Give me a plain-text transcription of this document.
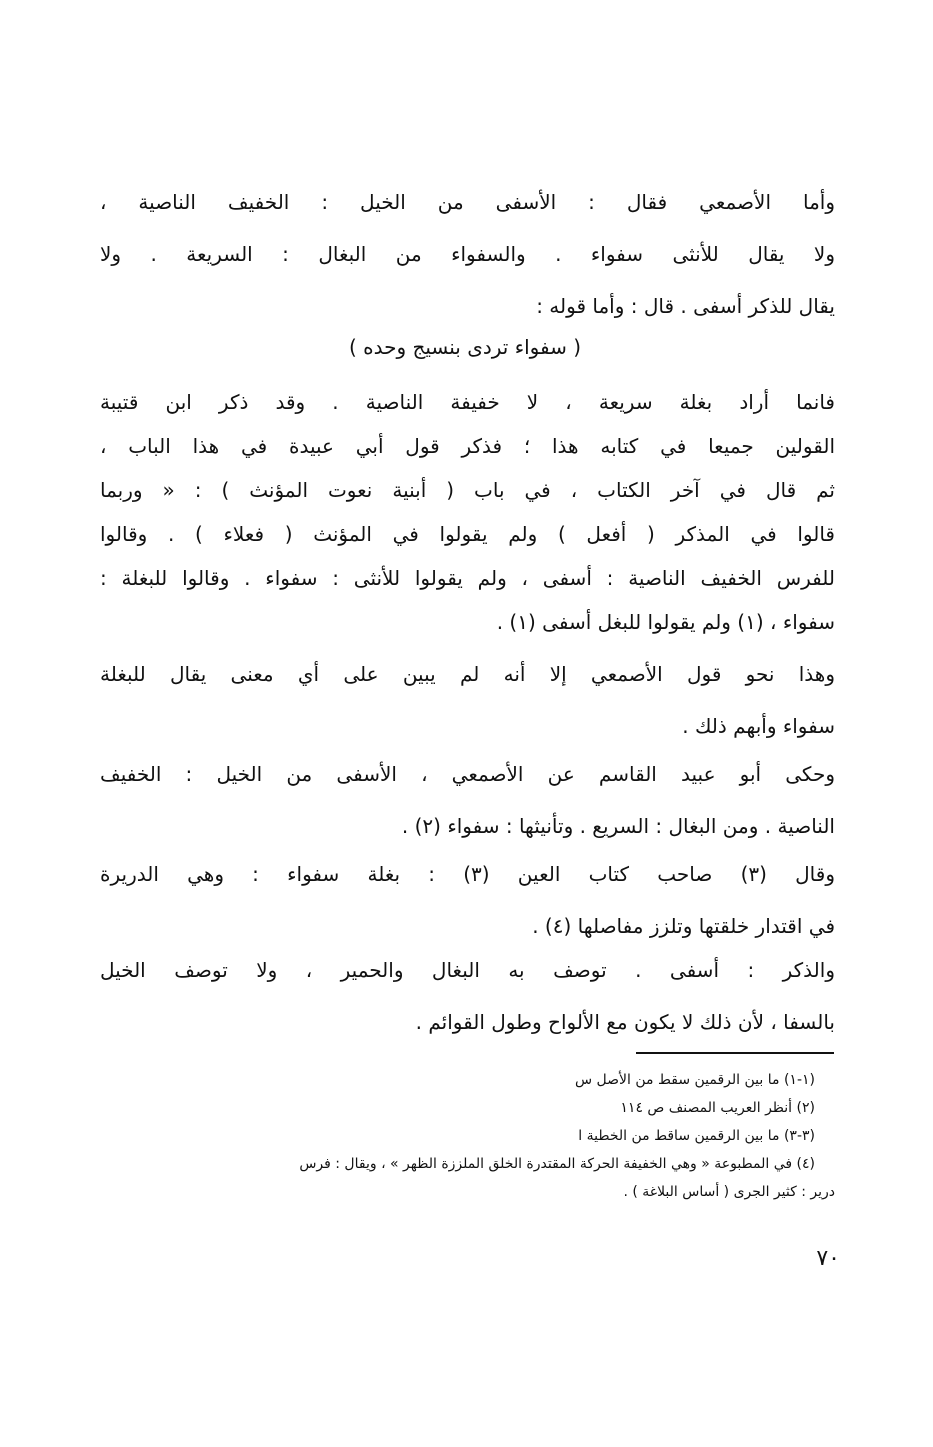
وأما الأصمعي فقال : الأسفى من الخيل : الخفيف الناصية ،
ولا يقال للأنثى سفواء . والسفواء من البغال : السريعة . ولا
يقال للذكر أسفى . قال : وأما قوله :
( سفواء تردى بنسيج وحده )
فانما أراد بغلة سريعة ، لا خفيفة الناصية . وقد ذكر ابن قتيبة
القولين جميعا في كتابه هذا ؛ فذكر قول أبي عبيدة في هذا الباب ،
ثم قال في آخر الكتاب ، في باب ( أبنية نعوت المؤنث ) : « وربما
قالوا في المذكر ( أفعل ) ولم يقولوا في المؤنث ( فعلاء ) . وقالوا
للفرس الخفيف الناصية : أسفى ، ولم يقولوا للأنثى : سفواء . وقالوا للبغلة :
سفواء ، (١) ولم يقولوا للبغل أسفى (١) .
وهذا نحو قول الأصمعي إلا أنه لم يبين على أي معنى يقال للبغلة
سفواء وأبهم ذلك .
وحكى أبو عبيد القاسم عن الأصمعي ، الأسفى من الخيل : الخفيف
الناصية . ومن البغال : السريع . وتأنيثها : سفواء (٢) .
وقال (٣) صاحب كتاب العين (٣) : بغلة سفواء : وهي الدريرة
في اقتدار خلقتها وتلزز مفاصلها (٤) .
والذكر : أسفى . توصف به البغال والحمير ، ولا توصف الخيل
بالسفا ، لأن ذلك لا يكون مع الألواح وطول القوائم .
(١-١) ما بين الرقمين سقط من الأصل س
(٢) أنظر العريب المصنف ص ١١٤
(٣-٣) ما بين الرقمين ساقط من الخطية ا
(٤) في المطبوعة « وهي الخفيفة الحركة المقتدرة الخلق الملززة الظهر » ، ويقال : فرس
درير : كثير الجرى ( أساس البلاغة ) .
٧٠
